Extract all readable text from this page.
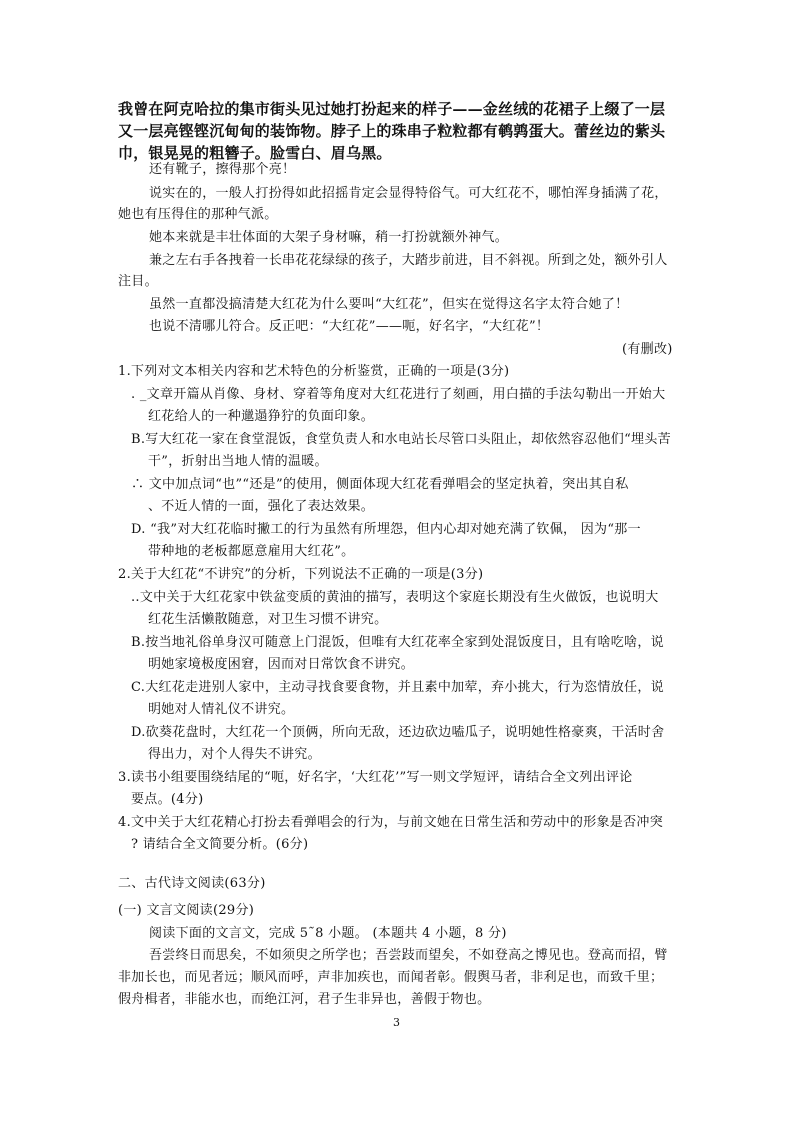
我曾在阿克哈拉的集市街头见过她打扮起来的样子——金丝绒的花裙子上缀了一层又一层亮铿铿沉甸甸的装饰物。脖子上的珠串子粒粒都有鹌鹑蛋大。蕾丝边的紫头巾，银晃晃的粗簪子。脸雪白、眉乌黑。
还有靴子，擦得那个亮！
说实在的，一般人打扮得如此招摇肯定会显得特俗气。可大红花不，哪怕浑身插满了花，
她也有压得住的那种气派。
她本来就是丰壮体面的大架子身材嘛，稍一打扮就额外神气。
兼之左右手各拽着一长串花花绿绿的孩子，大踏步前进，目不斜视。所到之处，额外引人
注目。
虽然一直都没搞清楚大红花为什么要叫“大红花”，但实在觉得这名字太符合她了！
也说不清哪儿符合。反正吧：“大红花”——呃，好名字，“大红花”！
(有删改)
1.下列对文本相关内容和艺术特色的分析鉴赏，正确的一项是(3分)
. _文章开篇从肖像、身材、穿着等角度对大红花进行了刻画，用白描的手法勾勒出一开始大
红花给人的一种邋遢狰狞的负面印象。
B.写大红花一家在食堂混饭，食堂负责人和水电站长尽管口头阻止，却依然容忍他们“埋头苦
干”，折射出当地人情的温暖。
∴ 文中加点词“也”“还是”的使用，侧面体现大红花看弹唱会的坚定执着，突出其自私
、不近人情的一面，强化了表达效果。
D. “我”对大红花临时撇工的行为虽然有所埋怨，但内心却对她充满了钦佩， 因为“那一
带种地的老板都愿意雇用大红花”。
2.关于大红花“不讲究”的分析，下列说法不正确的一项是(3分)
..文中关于大红花家中铁盆变质的黄油的描写，表明这个家庭长期没有生火做饭，也说明大
红花生活懒散随意，对卫生习惯不讲究。
B.按当地礼俗单身汉可随意上门混饭，但唯有大红花率全家到处混饭度日，且有啥吃啥，说
明她家境极度困窘，因而对日常饮食不讲究。
C.大红花走进别人家中，主动寻找食要食物，并且素中加荤，弃小挑大，行为恣情放任，说
明她对人情礼仪不讲究。
D.砍葵花盘时，大红花一个顶俩，所向无敌，还边砍边嗑瓜子，说明她性格豪爽，干活时舍
得出力，对个人得失不讲究。
3.读书小组要围绕结尾的“呃，好名字，‘大红花’”写一则文学短评，请结合全文列出评论
要点。(4分)
4.文中关于大红花精心打扮去看弹唱会的行为，与前文她在日常生活和劳动中的形象是否冲突
? 请结合全文简要分析。(6分)
二、古代诗文阅读(63分)
(一) 文言文阅读(29分)
阅读下面的文言文，完成 5˜8 小题。 (本题共 4 小题，8 分)
吾尝终日而思矣，不如须臾之所学也；吾尝跂而望矣，不如登高之博见也。登高而招，臂
非加长也，而见者远；顺风而呼，声非加疾也，而闻者彰。假舆马者，非利足也，而致千里；
假舟楫者，非能水也，而绝江河，君子生非异也，善假于物也。
3
